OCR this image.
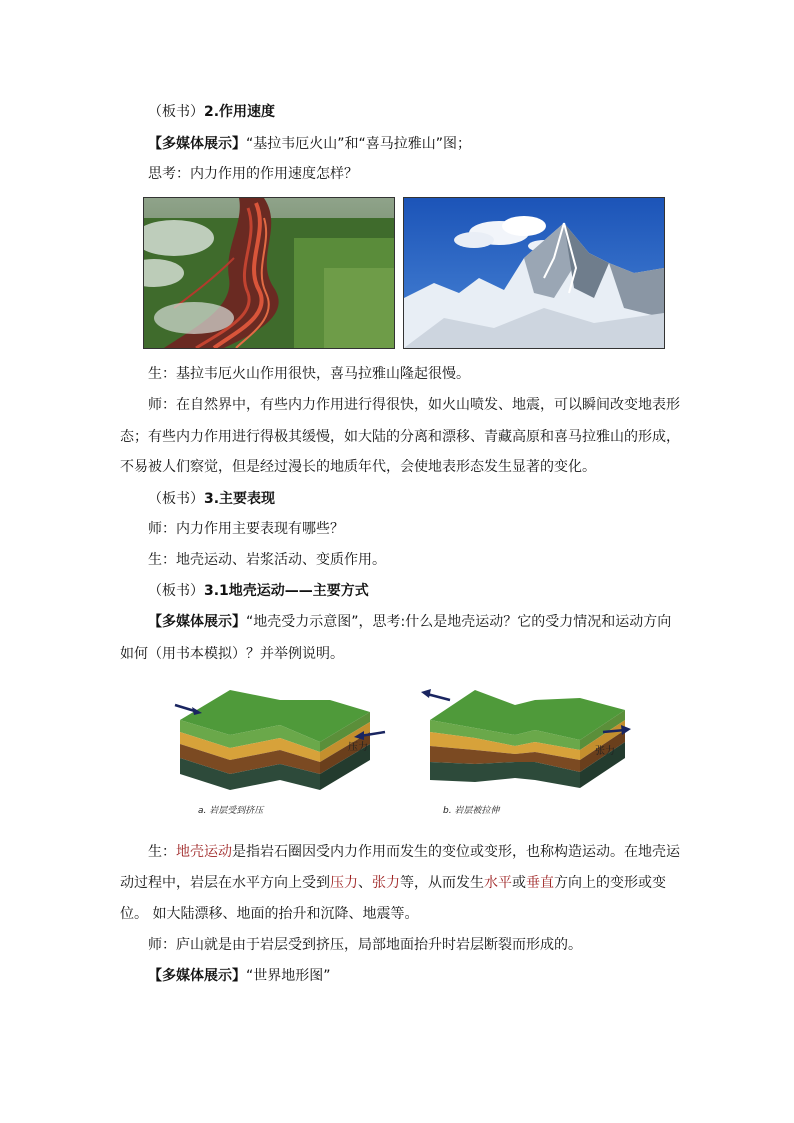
（板书）2.作用速度
【多媒体展示】“基拉韦厄火山”和“喜马拉雅山”图；
思考：内力作用的作用速度怎样？
生：基拉韦厄火山作用很快，喜马拉雅山隆起很慢。
师：在自然界中，有些内力作用进行得很快，如火山喷发、地震，可以瞬间改变地表形
态；有些内力作用进行得极其缓慢，如大陆的分离和漂移、青藏高原和喜马拉雅山的形成，
不易被人们察觉，但是经过漫长的地质年代，会使地表形态发生显著的变化。
（板书）3.主要表现
师：内力作用主要表现有哪些？
生：地壳运动、岩浆活动、变质作用。
（板书）3.1地壳运动——主要方式
【多媒体展示】“地壳受力示意图”，思考:什么是地壳运动？它的受力情况和运动方向
如何（用书本模拟）？并举例说明。
压力
a. 岩层受到挤压
张力
b. 岩层被拉伸
生：地壳运动是指岩石圈因受内力作用而发生的变位或变形，也称构造运动。在地壳运
动过程中，岩层在水平方向上受到压力、张力等，从而发生水平或垂直方向上的变形或变
位。 如大陆漂移、地面的抬升和沉降、地震等。
师：庐山就是由于岩层受到挤压，局部地面抬升时岩层断裂而形成的。
【多媒体展示】“世界地形图”
